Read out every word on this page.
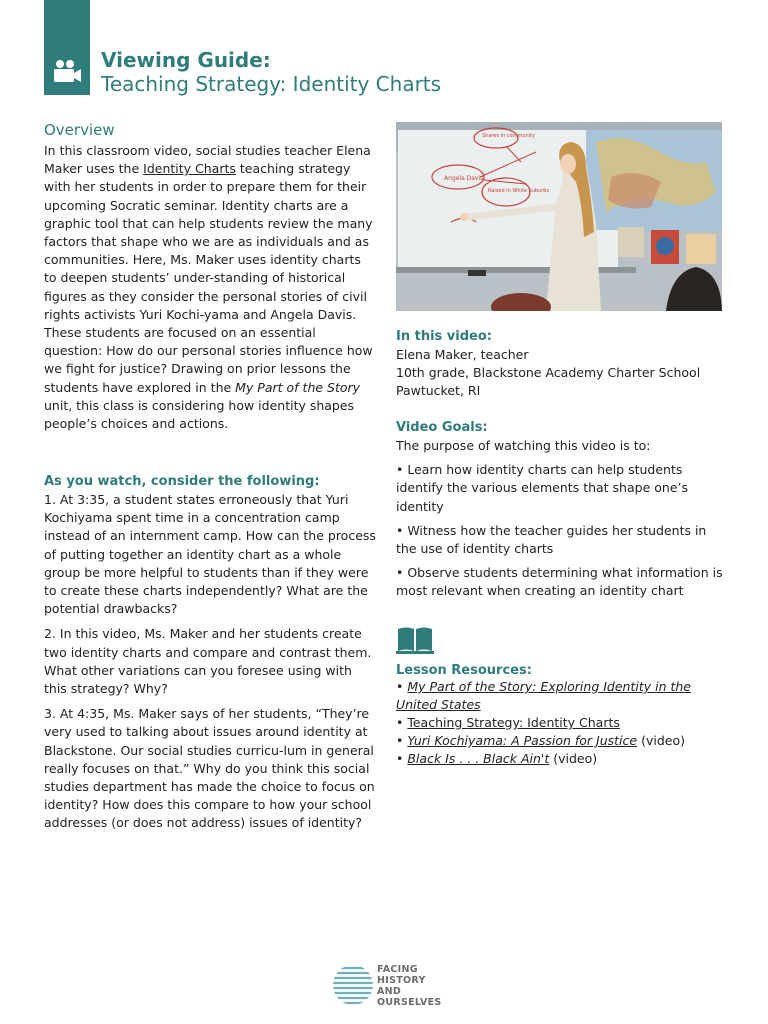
Viewing Guide:
Teaching Strategy: Identity Charts
Overview
In this classroom video, social studies teacher Elena Maker uses the Identity Charts teaching strategy with her students in order to prepare them for their upcoming Socratic seminar. Identity charts are a graphic tool that can help students review the many factors that shape who we are as individuals and as communities. Here, Ms. Maker uses identity charts to deepen students’ under-standing of historical figures as they consider the personal stories of civil rights activists Yuri Kochi-yama and Angela Davis. These students are focused on an essential question: How do our personal stories influence how we fight for justice? Drawing on prior lessons the students have explored in the My Part of the Story unit, this class is considering how identity shapes people’s choices and actions.
As you watch, consider the following:

1. At 3:35, a student states erroneously that Yuri Kochiyama spent time in a concentration camp instead of an internment camp. How can the process of putting together an identity chart as a whole group be more helpful to students than if they were to create these charts independently? What are the potential drawbacks?

2. In this video, Ms. Maker and her students create two identity charts and compare and contrast them. What other variations can you foresee using with this strategy? Why?

3. At 4:35, Ms. Maker says of her students, “They’re very used to talking about issues around identity at Blackstone. Our social studies curricu-lum in general really focuses on that.” Why do you think this social studies department has made the choice to focus on identity? How does this compare to how your school addresses (or does not address) issues of identity?

Angela Davis
Shares in community
Raised in White Suburbs
In this video:
Elena Maker, teacher
10th grade, Blackstone Academy Charter School
Pawtucket, RI
Video Goals:
The purpose of watching this video is to:

• Learn how identity charts can help students identify the various elements that shape one’s identity

• Witness how the teacher guides her students in the use of identity charts

• Observe students determining what information is most relevant when creating an identity chart

Lesson Resources:
• My Part of the Story: Exploring Identity in the United States
• Teaching Strategy: Identity Charts
• Yuri Kochiyama: A Passion for Justice (video)
• Black Is . . . Black Ain't (video)
FACING
HISTORY
AND
OURSELVES
